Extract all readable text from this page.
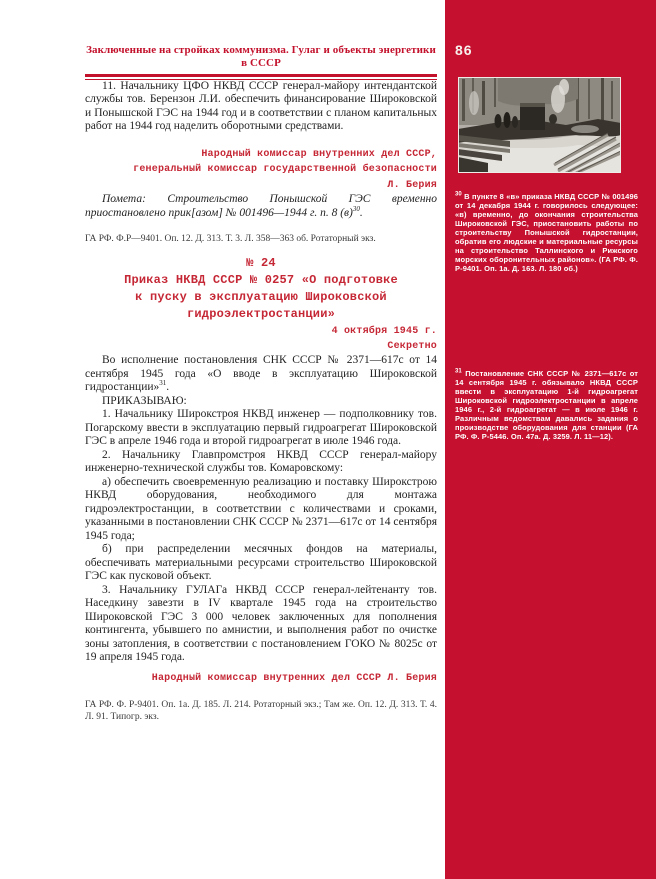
Заключенные на стройках коммунизма. Гулаг и объекты энергетики в СССР

11. Начальнику ЦФО НКВД СССР генерал-майору интендантской службы тов. Берензон Л.И. обеспечить финансирование Широковской и Понышской ГЭС на 1944 год и в соответствии с планом капитальных работ на 1944 год наделить оборотными средствами.

Народный комиссар внутренних дел СССР,
генеральный комиссар государственной безопасности
Л. Берия

Помета: Строительство Понышской ГЭС временно приостановлено прик[азом] № 001496—1944 г. п. 8 $(в)^{30}$.

ГА РФ. Ф.Р—9401. Оп. 12. Д. 313. Т. 3. Л. 358—363 об. Ротаторный экз.

№ 24
Приказ НКВД СССР № 0257 «О подготовке
к пуску в эксплуатацию Широковской
гидроэлектростанции»
4 октября 1945 г.
Секретно

Во исполнение постановления СНК СССР № 2371—617с от 14 сентября 1945 года «О вводе в эксплуатацию Широковской гидростанции»$^{31}$.

ПРИКАЗЫВАЮ:

1. Начальнику Широкстроя НКВД инженер — подполковнику тов. Погарскому ввести в эксплуатацию первый гидроагрегат Широковской ГЭС в апреле 1946 года и второй гидроагрегат в июле 1946 года.

2. Начальнику Главпромстроя НКВД СССР генерал-майору инженерно-технической службы тов. Комаровскому:

а) обеспечить своевременную реализацию и поставку Широкстрою НКВД оборудования, необходимого для монтажа гидроэлектростанции, в соответствии с количествами и сроками, указанными в постановлении СНК СССР № 2371—617с от 14 сентября 1945 года;

б) при распределении месячных фондов на материалы, обеспечивать материальными ресурсами строительство Широковской ГЭС как пусковой объект.

3. Начальнику ГУЛАГа НКВД СССР генерал-лейтенанту тов. Наседкину завезти в IV квартале 1945 года на строительство Широковской ГЭС 3 000 человек заключенных для пополнения контингента, убывшего по амнистии, и выполнения работ по очистке зоны затопления, в соответствии с постановлением ГОКО № 8025с от 19 апреля 1945 года.

Народный комиссар внутренних дел СССР Л. Берия

ГА РФ. Ф. Р-9401. Оп. 1а. Д. 185. Л. 214. Ротаторный экз.; Там же. Оп. 12. Д. 313. Т. 4. Л. 91. Типогр. экз.

86

$^{30}$ В пункте 8 «в» приказа НКВД СССР № 001496 от 14 декабря 1944 г. говорилось следующее: «в) временно, до окончания строительства Широковской ГЭС, приостановить работы по строительству Понышской гидростанции, обратив его людские и материальные ресурсы на строительство Таллинского и Рижского морских оборонительных районов». (ГА РФ. Ф. Р-9401. Оп. 1а. Д. 163. Л. 180 об.)

$^{31}$ Постановление СНК СССР № 2371—617с от 14 сентября 1945 г. обязывало НКВД СССР ввести в эксплуатацию 1-й гидроагрегат Широковской гидроэлектростанции в апреле 1946 г., 2-й гидроагрегат — в июле 1946 г. Различным ведомствам давались задания о производстве оборудования для станции (ГА РФ. Ф. Р-5446. Оп. 47а. Д. 3259. Л. 11—12).
